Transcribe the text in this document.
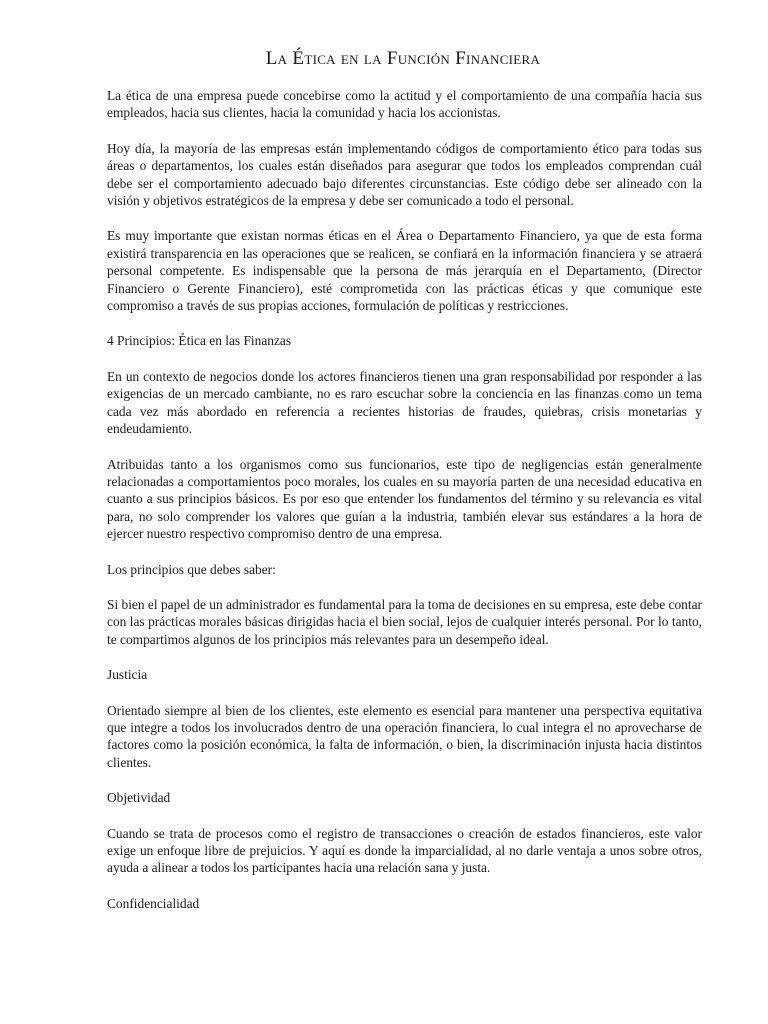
La Ética en la Función Financiera

La ética de una empresa puede concebirse como la actitud y el comportamiento de una compañía hacia sus empleados, hacia sus clientes, hacia la comunidad y hacia los accionistas.

Hoy día, la mayoría de las empresas están implementando códigos de comportamiento ético para todas sus áreas o departamentos, los cuales están diseñados para asegurar que todos los empleados comprendan cuál debe ser el comportamiento adecuado bajo diferentes circunstancias. Este código debe ser alineado con la visión y objetivos estratégicos de la empresa y debe ser comunicado a todo el personal.

Es muy importante que existan normas éticas en el Área o Departamento Financiero, ya que de esta forma existirá transparencia en las operaciones que se realicen, se confiará en la información financiera y se atraerá personal competente. Es indispensable que la persona de más jerarquía en el Departamento, (Director Financiero o Gerente Financiero), esté comprometida con las prácticas éticas y que comunique este compromiso a través de sus propias acciones, formulación de políticas y restricciones.

4 Principios: Ética en las Finanzas

En un contexto de negocios donde los actores financieros tienen una gran responsabilidad por responder a las exigencias de un mercado cambiante, no es raro escuchar sobre la conciencia en las finanzas como un tema cada vez más abordado en referencia a recientes historias de fraudes, quiebras, crisis monetarias y endeudamiento.

Atribuidas tanto a los organismos como sus funcionarios, este tipo de negligencias están generalmente relacionadas a comportamientos poco morales, los cuales en su mayoría parten de una necesidad educativa en cuanto a sus principios básicos. Es por eso que entender los fundamentos del término y su relevancia es vital para, no solo comprender los valores que guían a la industria, también elevar sus estándares a la hora de ejercer nuestro respectivo compromiso dentro de una empresa.

Los principios que debes saber:

Si bien el papel de un administrador es fundamental para la toma de decisiones en su empresa, este debe contar con las prácticas morales básicas dirigidas hacia el bien social, lejos de cualquier interés personal. Por lo tanto, te compartimos algunos de los principios más relevantes para un desempeño ideal.

Justicia

Orientado siempre al bien de los clientes, este elemento es esencial para mantener una perspectiva equitativa que integre a todos los involucrados dentro de una operación financiera, lo cual integra el no aprovecharse de factores como la posición económica, la falta de información, o bien, la discriminación injusta hacia distintos clientes.

Objetividad

Cuando se trata de procesos como el registro de transacciones o creación de estados financieros, este valor exige un enfoque libre de prejuicios. Y aquí es donde la imparcialidad, al no darle ventaja a unos sobre otros, ayuda a alinear a todos los participantes hacia una relación sana y justa.

Confidencialidad
